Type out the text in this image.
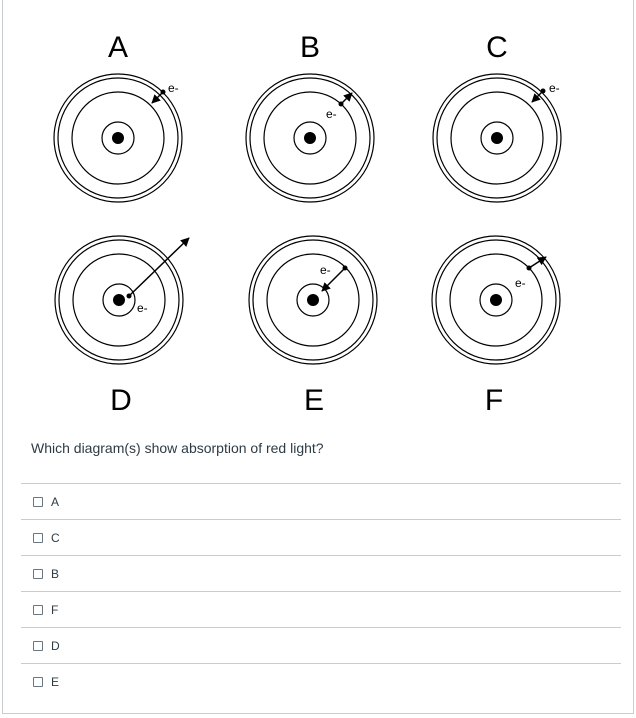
A
e-
B
e-
C
e-
e-
D
e-
E
e-
F
Which diagram(s) show absorption of red light?
A
C
B
F
D
E
